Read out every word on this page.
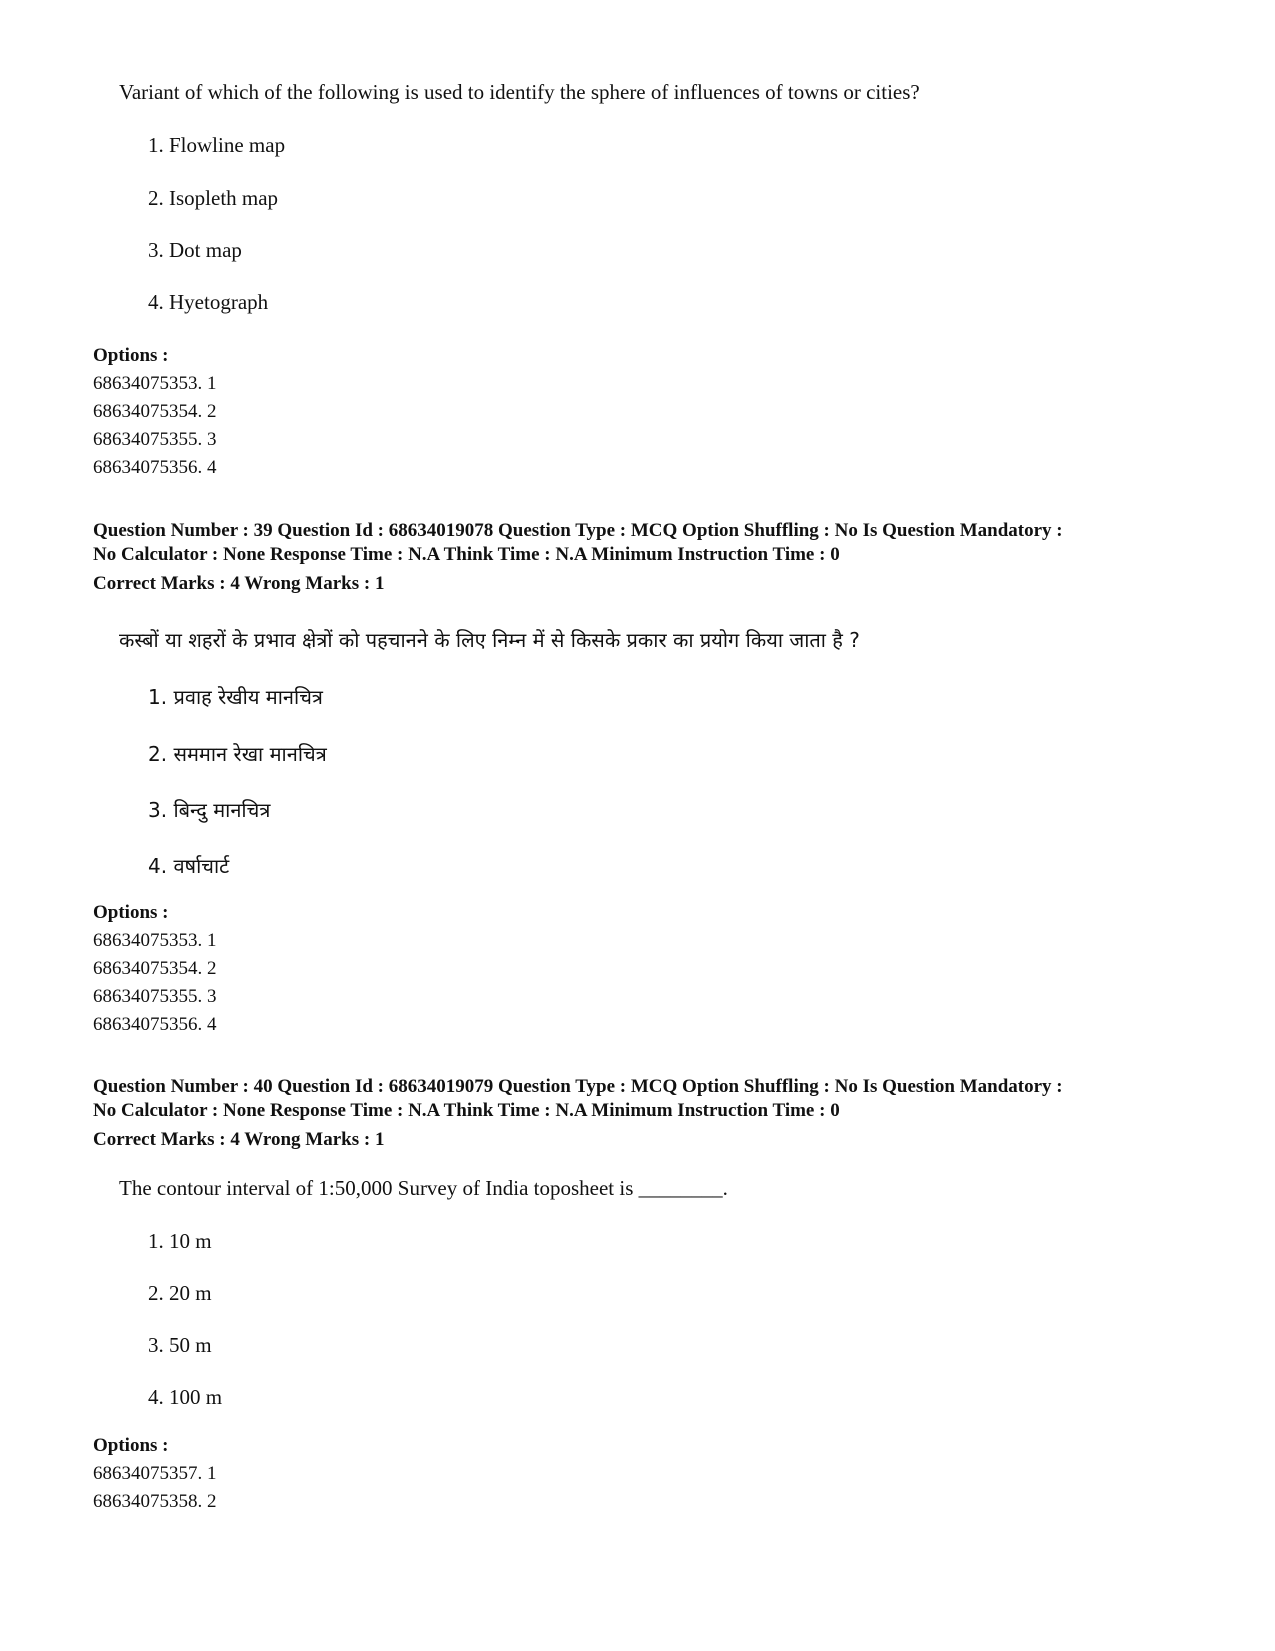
Variant of which of the following is used to identify the sphere of influences of towns or cities?
1. Flowline map
2. Isopleth map
3. Dot map
4. Hyetograph
Options :
68634075353. 1
68634075354. 2
68634075355. 3
68634075356. 4
Question Number : 39 Question Id : 68634019078 Question Type : MCQ Option Shuffling : No Is Question Mandatory :
No Calculator : None Response Time : N.A Think Time : N.A Minimum Instruction Time : 0
Correct Marks : 4 Wrong Marks : 1
कस्बों या शहरों के प्रभाव क्षेत्रों को पहचानने के लिए निम्न में से किसके प्रकार का प्रयोग किया जाता है ?
1. प्रवाह रेखीय मानचित्र
2. सममान रेखा मानचित्र
3. बिन्दु मानचित्र
4. वर्षाचार्ट
Options :
68634075353. 1
68634075354. 2
68634075355. 3
68634075356. 4
Question Number : 40 Question Id : 68634019079 Question Type : MCQ Option Shuffling : No Is Question Mandatory :
No Calculator : None Response Time : N.A Think Time : N.A Minimum Instruction Time : 0
Correct Marks : 4 Wrong Marks : 1
The contour interval of 1:50,000 Survey of India toposheet is ________.
1. 10 m
2. 20 m
3. 50 m
4. 100 m
Options :
68634075357. 1
68634075358. 2
